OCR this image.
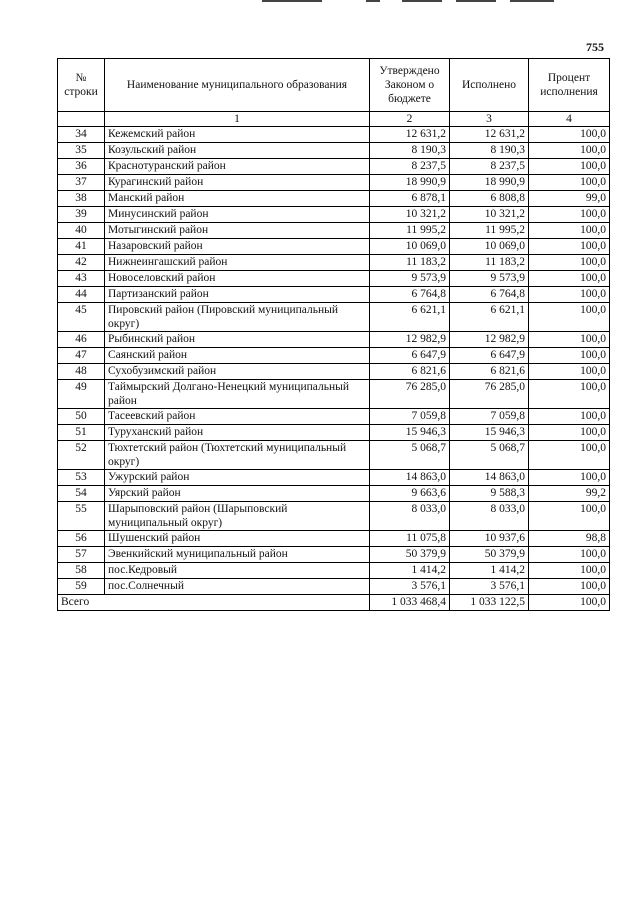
755
№ строки	Наименование муниципального образования	Утверждено Законом о бюджете	Исполнено	Процент исполнения
	1	2	3	4
34	Кежемский район	12 631,2	12 631,2	100,0
35	Козульский район	8 190,3	8 190,3	100,0
36	Краснотуранский район	8 237,5	8 237,5	100,0
37	Курагинский район	18 990,9	18 990,9	100,0
38	Манский район	6 878,1	6 808,8	99,0
39	Минусинский район	10 321,2	10 321,2	100,0
40	Мотыгинский район	11 995,2	11 995,2	100,0
41	Назаровский район	10 069,0	10 069,0	100,0
42	Нижнеингашский район	11 183,2	11 183,2	100,0
43	Новоселовский район	9 573,9	9 573,9	100,0
44	Партизанский район	6 764,8	6 764,8	100,0
45	Пировский район (Пировский муниципальный округ)	6 621,1	6 621,1	100,0
46	Рыбинский район	12 982,9	12 982,9	100,0
47	Саянский район	6 647,9	6 647,9	100,0
48	Сухобузимский район	6 821,6	6 821,6	100,0
49	Таймырский Долгано-Ненецкий муниципальный район	76 285,0	76 285,0	100,0
50	Тасеевский район	7 059,8	7 059,8	100,0
51	Туруханский район	15 946,3	15 946,3	100,0
52	Тюхтетский район (Тюхтетский муниципальный округ)	5 068,7	5 068,7	100,0
53	Ужурский район	14 863,0	14 863,0	100,0
54	Уярский район	9 663,6	9 588,3	99,2
55	Шарыповский район (Шарыповский муниципальный округ)	8 033,0	8 033,0	100,0
56	Шушенский район	11 075,8	10 937,6	98,8
57	Эвенкийский муниципальный район	50 379,9	50 379,9	100,0
58	пос.Кедровый	1 414,2	1 414,2	100,0
59	пос.Солнечный	3 576,1	3 576,1	100,0
Всего		1 033 468,4	1 033 122,5	100,0
